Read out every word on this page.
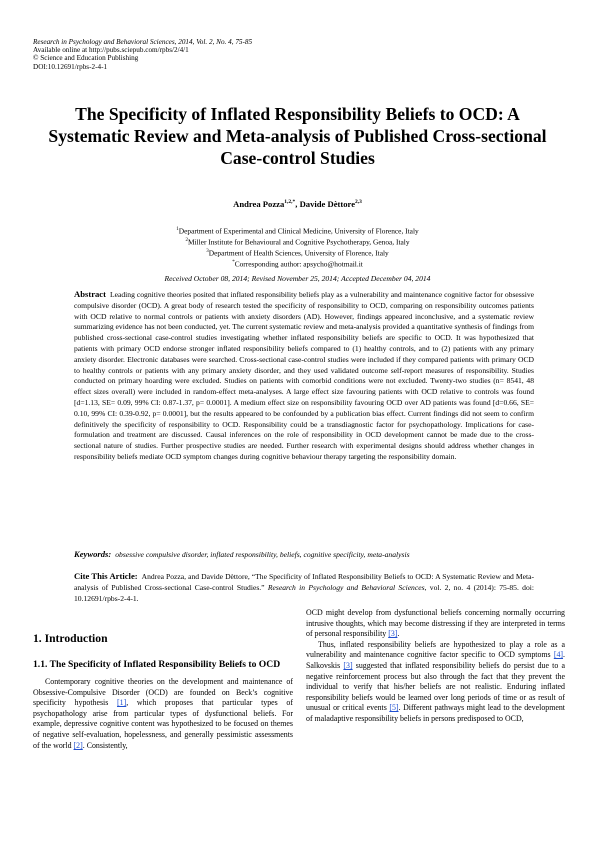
Research in Psychology and Behavioral Sciences, 2014, Vol. 2, No. 4, 75-85
Available online at http://pubs.sciepub.com/rpbs/2/4/1
© Science and Education Publishing
DOI:10.12691/rpbs-2-4-1
The Specificity of Inflated Responsibility Beliefs to OCD: A Systematic Review and Meta-analysis of Published Cross-sectional Case-control Studies
Andrea Pozza$^{1,2,*}$, Davide Dèttore$^{2,3}$
$^1$Department of Experimental and Clinical Medicine, University of Florence, Italy
$^2$Miller Institute for Behavioural and Cognitive Psychotherapy, Genoa, Italy
$^3$Department of Health Sciences, University of Florence, Italy
*Corresponding author: apsycho@hotmail.it
Received October 08, 2014; Revised November 25, 2014; Accepted December 04, 2014
Abstract Leading cognitive theories posited that inflated responsibility beliefs play as a vulnerability and maintenance cognitive factor for obsessive compulsive disorder (OCD). A great body of research tested the specificity of responsibility to OCD, comparing on responsibility outcomes patients with OCD relative to normal controls or patients with anxiety disorders (AD). However, findings appeared inconclusive, and a systematic review summarizing evidence has not been conducted, yet. The current systematic review and meta-analysis provided a quantitative synthesis of findings from published cross-sectional case-control studies investigating whether inflated responsibility beliefs are specific to OCD. It was hypothesized that patients with primary OCD endorse stronger inflated responsibility beliefs compared to (1) healthy controls, and to (2) patients with any primary anxiety disorder. Electronic databases were searched. Cross-sectional case-control studies were included if they compared patients with primary OCD to healthy controls or patients with any primary anxiety disorder, and they used validated outcome self-report measures of responsibility. Studies conducted on primary hoarding were excluded. Studies on patients with comorbid conditions were not excluded. Twenty-two studies (n= 8541, 48 effect sizes overall) were included in random-effect meta-analyses. A large effect size favouring patients with OCD relative to controls was found [d=1.13, SE= 0.09, 99% CI: 0.87-1.37, p= 0.0001]. A medium effect size on responsibility favouring OCD over AD patients was found [d=0.66, SE= 0.10, 99% CI: 0.39-0.92, p= 0.0001], but the results appeared to be confounded by a publication bias effect. Current findings did not seem to confirm definitively the specificity of responsibility to OCD. Responsibility could be a transdiagnostic factor for psychopathology. Implications for case-formulation and treatment are discussed. Causal inferences on the role of responsibility in OCD development cannot be made due to the cross-sectional nature of studies. Further prospective studies are needed. Further research with experimental designs should address whether changes in responsibility beliefs mediate OCD symptom changes during cognitive behaviour therapy targeting the responsibility domain.
Keywords: obsessive compulsive disorder, inflated responsibility, beliefs, cognitive specificity, meta-analysis
Cite This Article: Andrea Pozza, and Davide Dèttore, “The Specificity of Inflated Responsibility Beliefs to OCD: A Systematic Review and Meta-analysis of Published Cross-sectional Case-control Studies.” Research in Psychology and Behavioral Sciences, vol. 2, no. 4 (2014): 75-85. doi: 10.12691/rpbs-2-4-1.
1. Introduction
1.1. The Specificity of Inflated Responsibility Beliefs to OCD

Contemporary cognitive theories on the development and maintenance of Obsessive-Compulsive Disorder (OCD) are founded on Beck’s cognitive specificity hypothesis [1], which proposes that particular types of psychopathology arise from particular types of dysfunctional beliefs. For example, depressive cognitive content was hypothesized to be focused on themes of negative self-evaluation, hopelessness, and generally pessimistic assessments of the world [2]. Consistently,

OCD might develop from dysfunctional beliefs concerning normally occurring intrusive thoughts, which may become distressing if they are interpreted in terms of personal responsibility [3].

Thus, inflated responsibility beliefs are hypothesized to play a role as a vulnerability and maintenance cognitive factor specific to OCD symptoms [4]. Salkovskis [3] suggested that inflated responsibility beliefs do persist due to a negative reinforcement process but also through the fact that they prevent the individual to verify that his/her beliefs are not realistic. Enduring inflated responsibility beliefs would be learned over long periods of time or as result of unusual or critical events [5]. Different pathways might lead to the development of maladaptive responsibility beliefs in persons predisposed to OCD,
